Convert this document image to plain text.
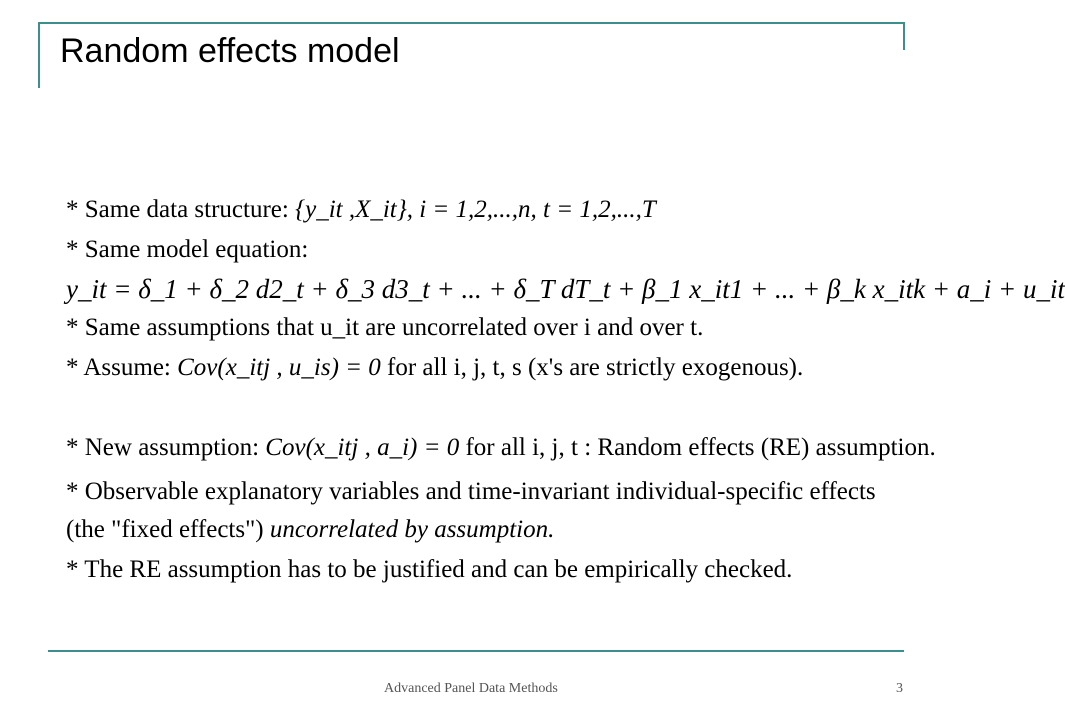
Random effects model
* Same data structure: {y_it ,X_it}, i = 1,2,...,n, t = 1,2,...,T
* Same model equation:
y_it = δ_1 + δ_2 d2_t + δ_3 d3_t + ... + δ_T dT_t + β_1 x_it1 + ... + β_k x_itk + a_i + u_it
* Same assumptions that u_it are uncorrelated over i and over t.
* Assume: Cov(x_itj , u_is) = 0 for all i, j, t, s (x's are strictly exogenous).
* New assumption: Cov(x_itj , a_i) = 0 for all i, j, t : Random effects (RE) assumption.
* Observable explanatory variables and time-invariant individual-specific effects
(the "fixed effects") uncorrelated by assumption.
* The RE assumption has to be justified and can be empirically checked.
Advanced Panel Data Methods	3
